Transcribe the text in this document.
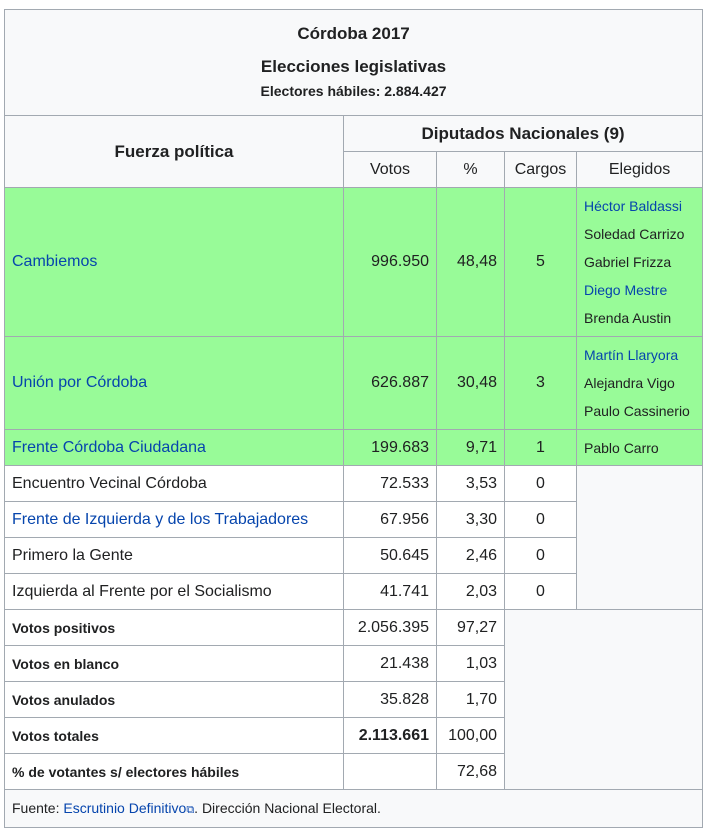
Córdoba 2017
Elecciones legislativas
Electores hábiles: 2.884.427				

Fuerza política	Diputados Nacionales (9)			
	Votos	%	Cargos	Elegidos
Cambiemos	996.950	48,48	5	Héctor Baldassi
Soledad Carrizo
Gabriel Frizza
Diego Mestre
Brenda Austin

Unión por Córdoba	626.887	30,48	3	Martín Llaryora
Alejandra Vigo
Paulo Cassinerio

Frente Córdoba Ciudadana	199.683	9,71	1	Pablo Carro
Encuentro Vecinal Córdoba	72.533	3,53	0	
Frente de Izquierda y de los Trabajadores	67.956	3,30	0	
Primero la Gente	50.645	2,46	0	
Izquierda al Frente por el Socialismo	41.741	2,03	0	
Votos positivos	2.056.395	97,27		
Votos en blanco	21.438	1,03		
Votos anulados	35.828	1,70		
Votos totales	2.113.661	100,00		
% de votantes s/ electores hábiles		72,68		
Fuente: Escrutinio Definitivo⧉. Dirección Nacional Electoral.				
